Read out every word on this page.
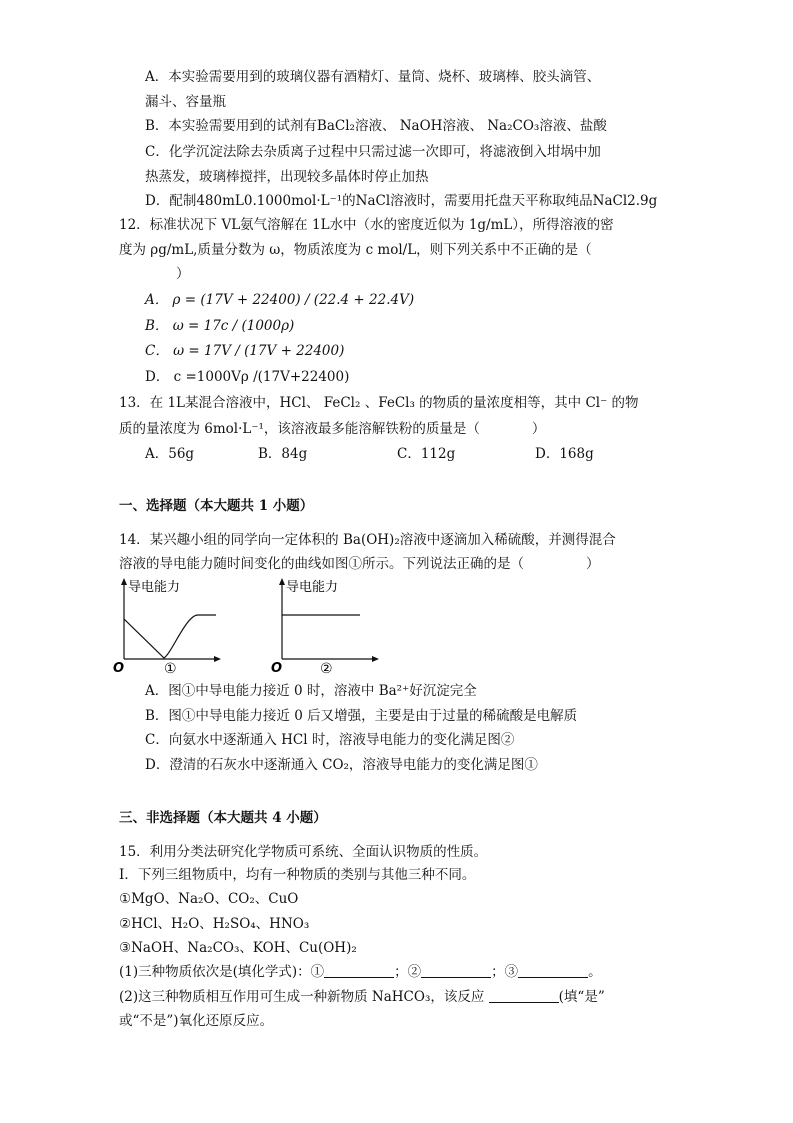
A．本实验需要用到的玻璃仪器有酒精灯、量筒、烧杯、玻璃棒、胶头滴管、
漏斗、容量瓶
B．本实验需要用到的试剂有BaCl₂溶液、 NaOH溶液、 Na₂CO₃溶液、盐酸
C．化学沉淀法除去杂质离子过程中只需过滤一次即可，将滤液倒入坩埚中加
热蒸发，玻璃棒搅拌，出现较多晶体时停止加热
D．配制480mL0.1000mol·L⁻¹的NaCl溶液时，需要用托盘天平称取纯品NaCl2.9g
12．标准状况下 VL氨气溶解在 1L水中（水的密度近似为 1g/mL），所得溶液的密
度为 ρg/mL,质量分数为 ω，物质浓度为 c mol/L，则下列关系中不正确的是（
）
A． ρ = (17V + 22400) / (22.4 + 22.4V)
B． ω = 17c / (1000ρ)
C． ω = 17V / (17V + 22400)
D． c =1000Vρ /(17V+22400)
13．在 1L某混合溶液中，HCl、 FeCl₂ 、FeCl₃ 的物质的量浓度相等，其中 Cl⁻ 的物
质的量浓度为 6mol·L⁻¹，该溶液最多能溶解铁粉的质量是（	）
A．56g	B．84g	C．112g	D．168g
一、选择题（本大题共 1 小题）
14．某兴趣小组的同学向一定体积的 Ba(OH)₂溶液中逐滴加入稀硫酸，并测得混合
溶液的导电能力随时间变化的曲线如图①所示。下列说法正确的是（	）
导电能力
O	①
导电能力
O	②
A．图①中导电能力接近 0 时，溶液中 Ba²⁺好沉淀完全
B．图①中导电能力接近 0 后又增强，主要是由于过量的稀硫酸是电解质
C．向氨水中逐渐通入 HCl 时，溶液导电能力的变化满足图②
D．澄清的石灰水中逐渐通入 CO₂，溶液导电能力的变化满足图①
三、非选择题（本大题共 4 小题）
15．利用分类法研究化学物质可系统、全面认识物质的性质。
Ⅰ．下列三组物质中，均有一种物质的类别与其他三种不同。
①MgO、Na₂O、CO₂、CuO
②HCl、H₂O、H₂SO₄、HNO₃
③NaOH、Na₂CO₃、KOH、Cu(OH)₂
(1)三种物质依次是(填化学式)：①	；②	；③	。
(2)这三种物质相互作用可生成一种新物质 NaHCO₃，该反应	(填“是”
或“不是”)氧化还原反应。
